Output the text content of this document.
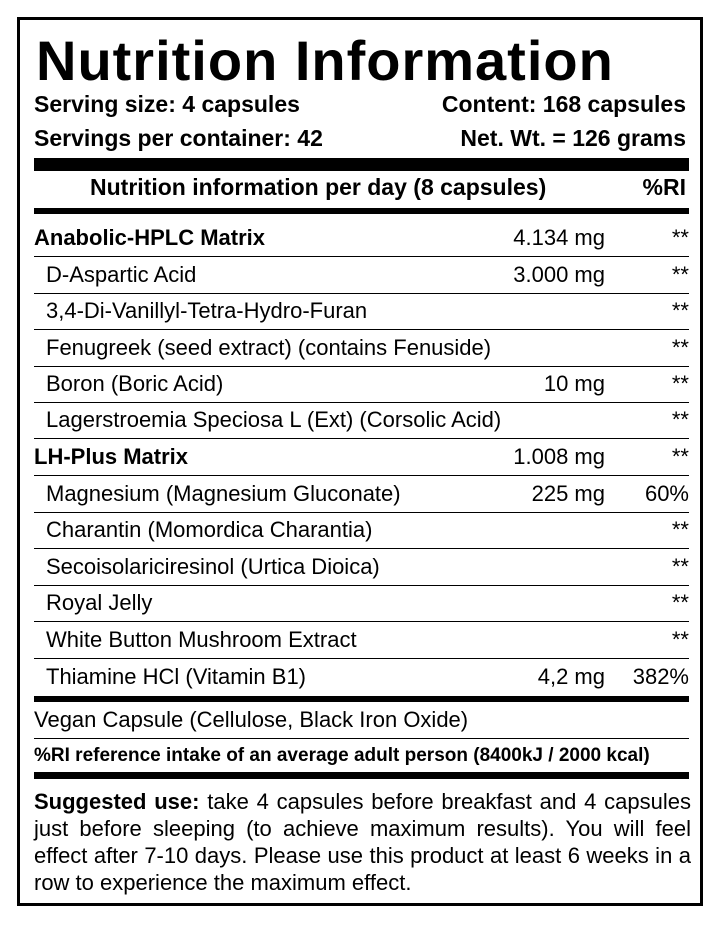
Nutrition Information
Serving size: 4 capsules	Content: 168 capsules
Servings per container: 42	Net. Wt. = 126 grams
Nutrition information per day (8 capsules)	%RI
Anabolic-HPLC Matrix	4.134 mg	**
D-Aspartic Acid	3.000 mg	**
3,4-Di-Vanillyl-Tetra-Hydro-Furan	**
Fenugreek (seed extract) (contains Fenuside)	**
Boron (Boric Acid)	10 mg	**
Lagerstroemia Speciosa L (Ext) (Corsolic Acid)	**
LH-Plus Matrix	1.008 mg	**
Magnesium (Magnesium Gluconate)	225 mg 60%
Charantin (Momordica Charantia)	**
Secoisolariciresinol (Urtica Dioica)	**
Royal Jelly	**
White Button Mushroom Extract	**
Thiamine HCl (Vitamin B1)	4,2 mg 382%
Vegan Capsule (Cellulose, Black Iron Oxide)
%RI reference intake of an average adult person (8400kJ / 2000 kcal)
Suggested use: take 4 capsules before breakfast and 4 capsules just before sleeping (to achieve maximum results). You will feel effect after 7-10 days. Please use this product at least 6 weeks in a row to experience the maximum effect.
